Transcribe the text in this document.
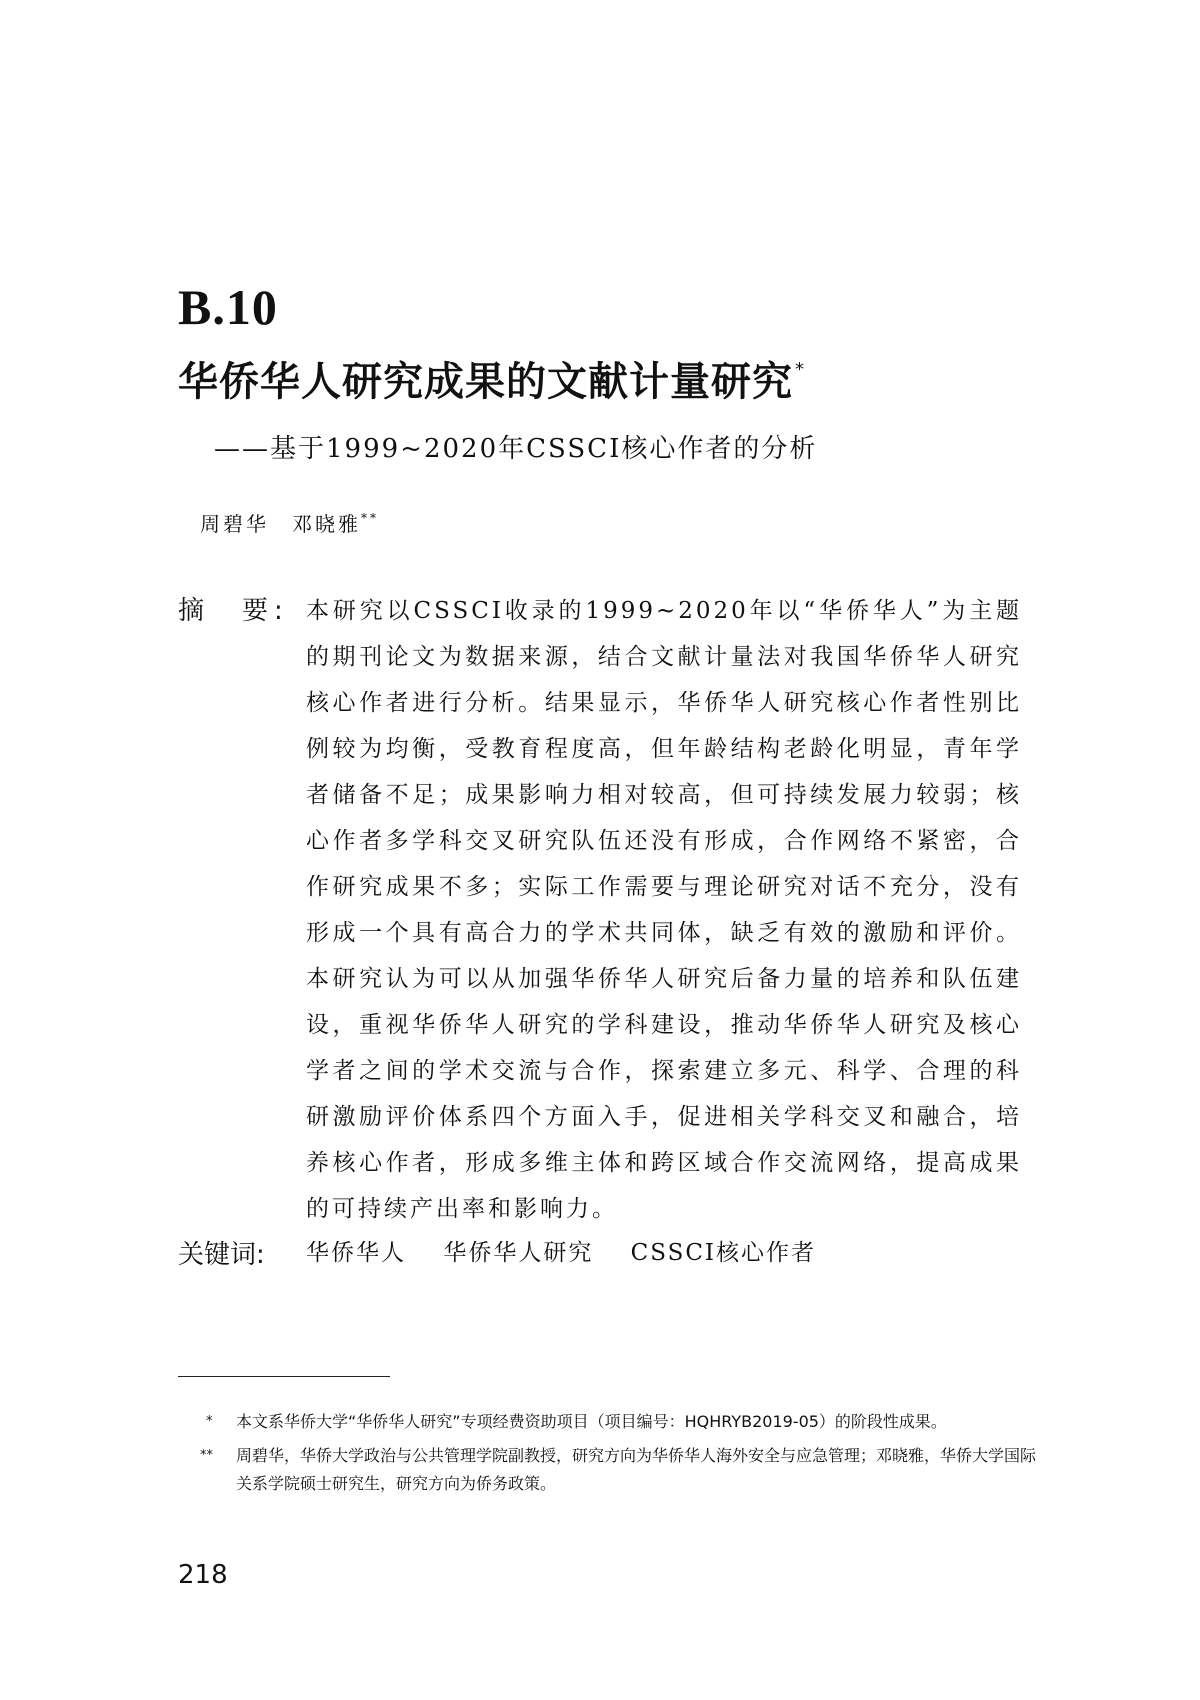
B.10
华侨华人研究成果的文献计量研究 *
——基于1999~2020年CSSCI核心作者的分析
周碧华　邓晓雅**
摘　要: 本研究以CSSCI收录的1999~2020年以“华侨华人”为主题的期刊论文为数据来源，结合文献计量法对我国华侨华人研究核心作者进行分析。结果显示，华侨华人研究核心作者性别比例较为均衡，受教育程度高，但年龄结构老龄化明显，青年学者储备不足；成果影响力相对较高，但可持续发展力较弱；核心作者多学科交叉研究队伍还没有形成，合作网络不紧密，合作研究成果不多；实际工作需要与理论研究对话不充分，没有形成一个具有高合力的学术共同体，缺乏有效的激励和评价。本研究认为可以从加强华侨华人研究后备力量的培养和队伍建设，重视华侨华人研究的学科建设，推动华侨华人研究及核心学者之间的学术交流与合作，探索建立多元、科学、合理的科研激励评价体系四个方面入手，促进相关学科交叉和融合，培养核心作者，形成多维主体和跨区域合作交流网络，提高成果的可持续产出率和影响力。

关键词: 华侨华人 华侨华人研究 CSSCI核心作者
* 本文系华侨大学“华侨华人研究”专项经费资助项目（项目编号：HQHRYB2019-05）的阶段性成果。
** 周碧华，华侨大学政治与公共管理学院副教授，研究方向为华侨华人海外安全与应急管理；邓晓雅，华侨大学国际关系学院硕士研究生，研究方向为侨务政策。
218
